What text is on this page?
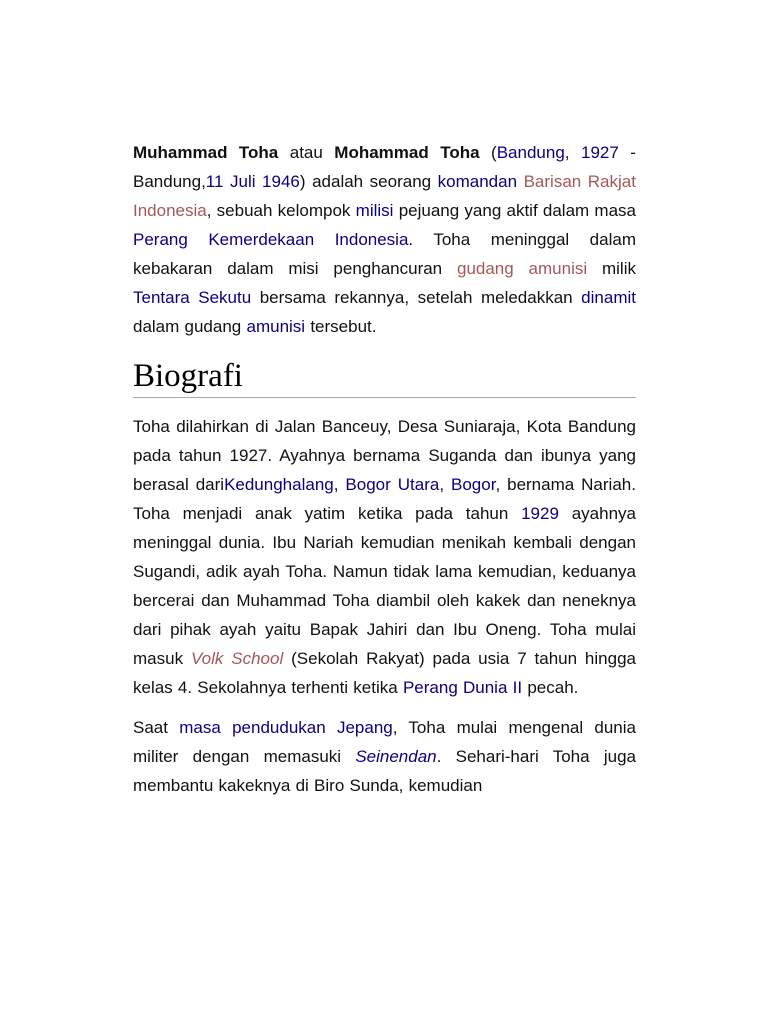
Muhammad Toha atau Mohammad Toha (Bandung, 1927 - Bandung,11 Juli 1946) adalah seorang komandan Barisan Rakjat Indonesia, sebuah kelompok milisi pejuang yang aktif dalam masa Perang Kemerdekaan Indonesia. Toha meninggal dalam kebakaran dalam misi penghancuran gudang amunisi milik Tentara Sekutu bersama rekannya, setelah meledakkan dinamit dalam gudang amunisi tersebut.

Biografi

Toha dilahirkan di Jalan Banceuy, Desa Suniaraja, Kota Bandung pada tahun 1927. Ayahnya bernama Suganda dan ibunya yang berasal dariKedunghalang, Bogor Utara, Bogor, bernama Nariah. Toha menjadi anak yatim ketika pada tahun 1929 ayahnya meninggal dunia. Ibu Nariah kemudian menikah kembali dengan Sugandi, adik ayah Toha. Namun tidak lama kemudian, keduanya bercerai dan Muhammad Toha diambil oleh kakek dan neneknya dari pihak ayah yaitu Bapak Jahiri dan Ibu Oneng. Toha mulai masuk Volk School (Sekolah Rakyat) pada usia 7 tahun hingga kelas 4. Sekolahnya terhenti ketika Perang Dunia II pecah.

Saat masa pendudukan Jepang, Toha mulai mengenal dunia militer dengan memasuki Seinendan. Sehari-hari Toha juga membantu kakeknya di Biro Sunda, kemudian
